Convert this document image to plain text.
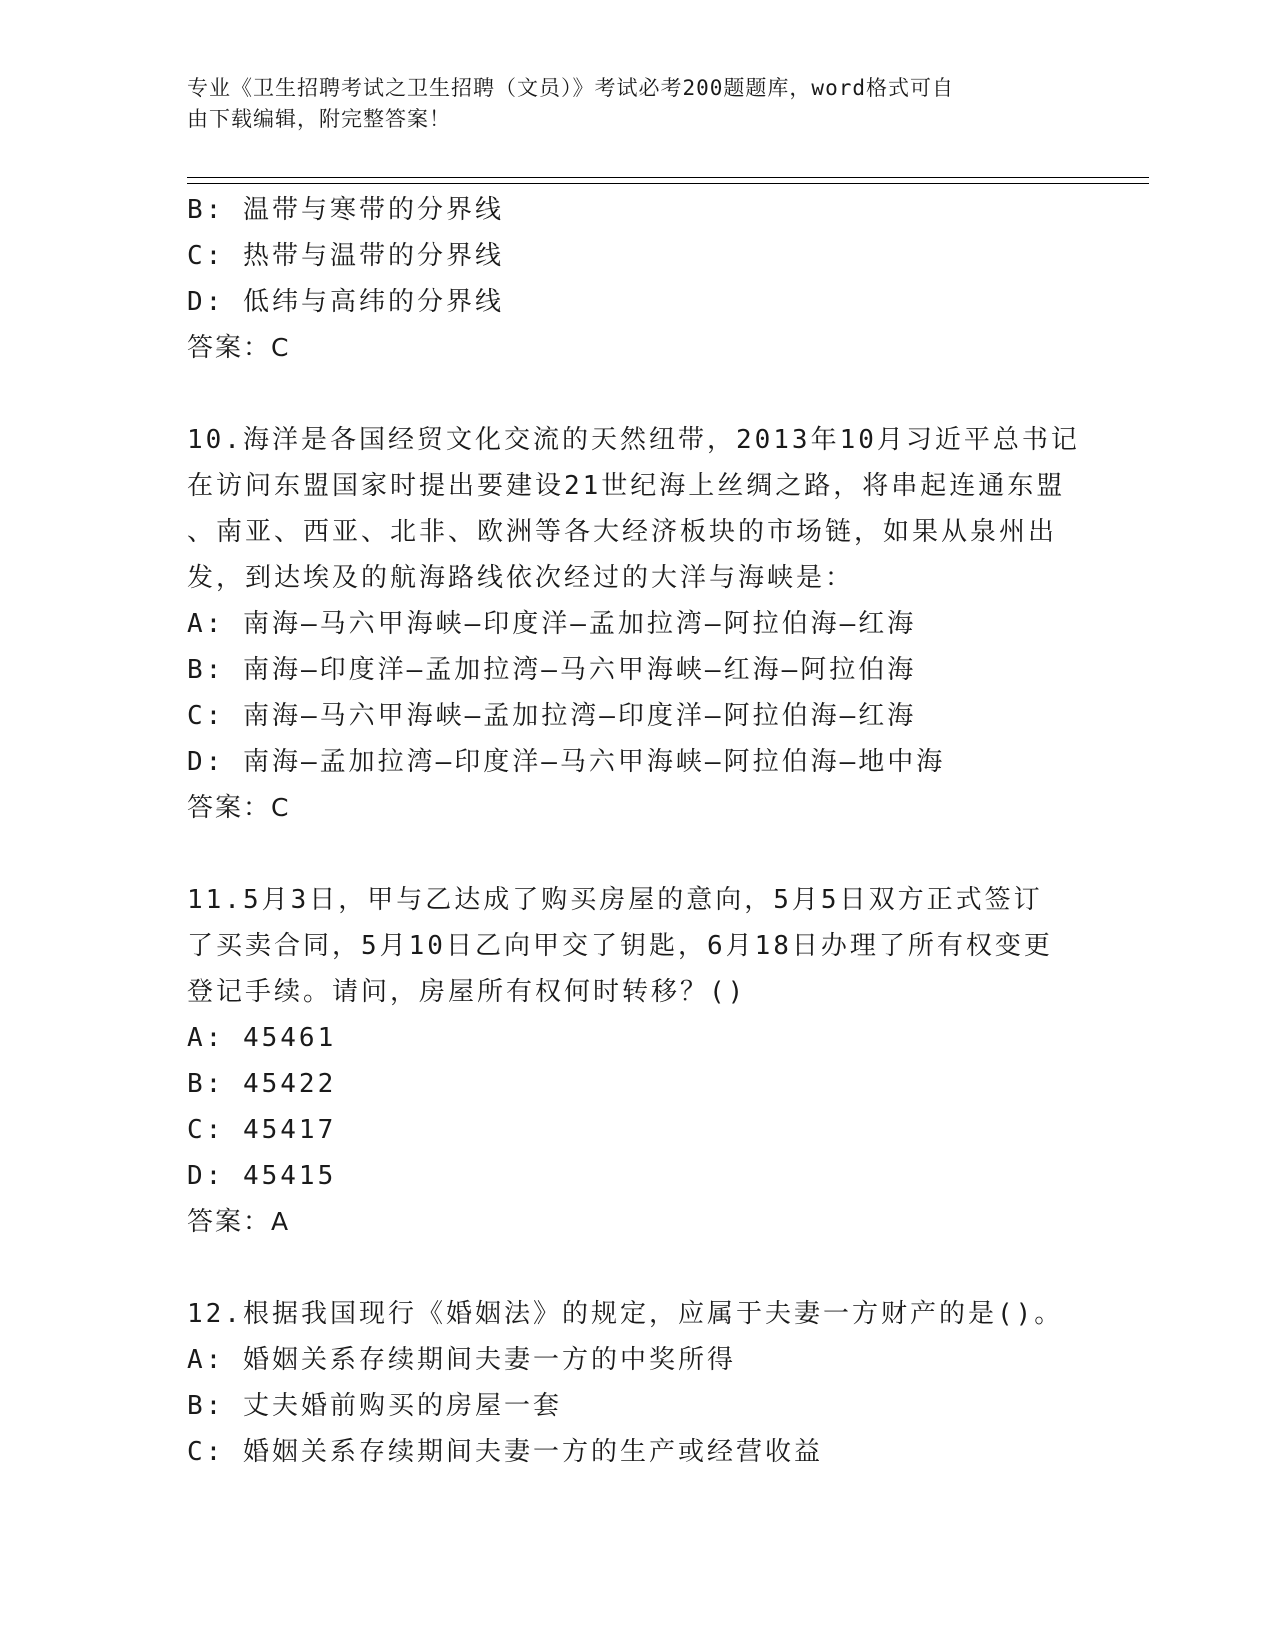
专业《卫生招聘考试之卫生招聘（文员）》考试必考200题题库，word格式可自
由下载编辑，附完整答案！
B: 温带与寒带的分界线
C: 热带与温带的分界线
D: 低纬与高纬的分界线
答案：C
10.海洋是各国经贸文化交流的天然纽带，2013年10月习近平总书记
在访问东盟国家时提出要建设21世纪海上丝绸之路，将串起连通东盟
、南亚、西亚、北非、欧洲等各大经济板块的市场链，如果从泉州出
发，到达埃及的航海路线依次经过的大洋与海峡是：
A: 南海—马六甲海峡—印度洋—孟加拉湾—阿拉伯海—红海
B: 南海—印度洋—孟加拉湾—马六甲海峡—红海—阿拉伯海
C: 南海—马六甲海峡—孟加拉湾—印度洋—阿拉伯海—红海
D: 南海—孟加拉湾—印度洋—马六甲海峡—阿拉伯海—地中海
答案：C
11.5月3日，甲与乙达成了购买房屋的意向，5月5日双方正式签订
了买卖合同，5月10日乙向甲交了钥匙，6月18日办理了所有权变更
登记手续。请问，房屋所有权何时转移？()
A: 45461
B: 45422
C: 45417
D: 45415
答案：A
12.根据我国现行《婚姻法》的规定，应属于夫妻一方财产的是()。
A: 婚姻关系存续期间夫妻一方的中奖所得
B: 丈夫婚前购买的房屋一套
C: 婚姻关系存续期间夫妻一方的生产或经营收益
